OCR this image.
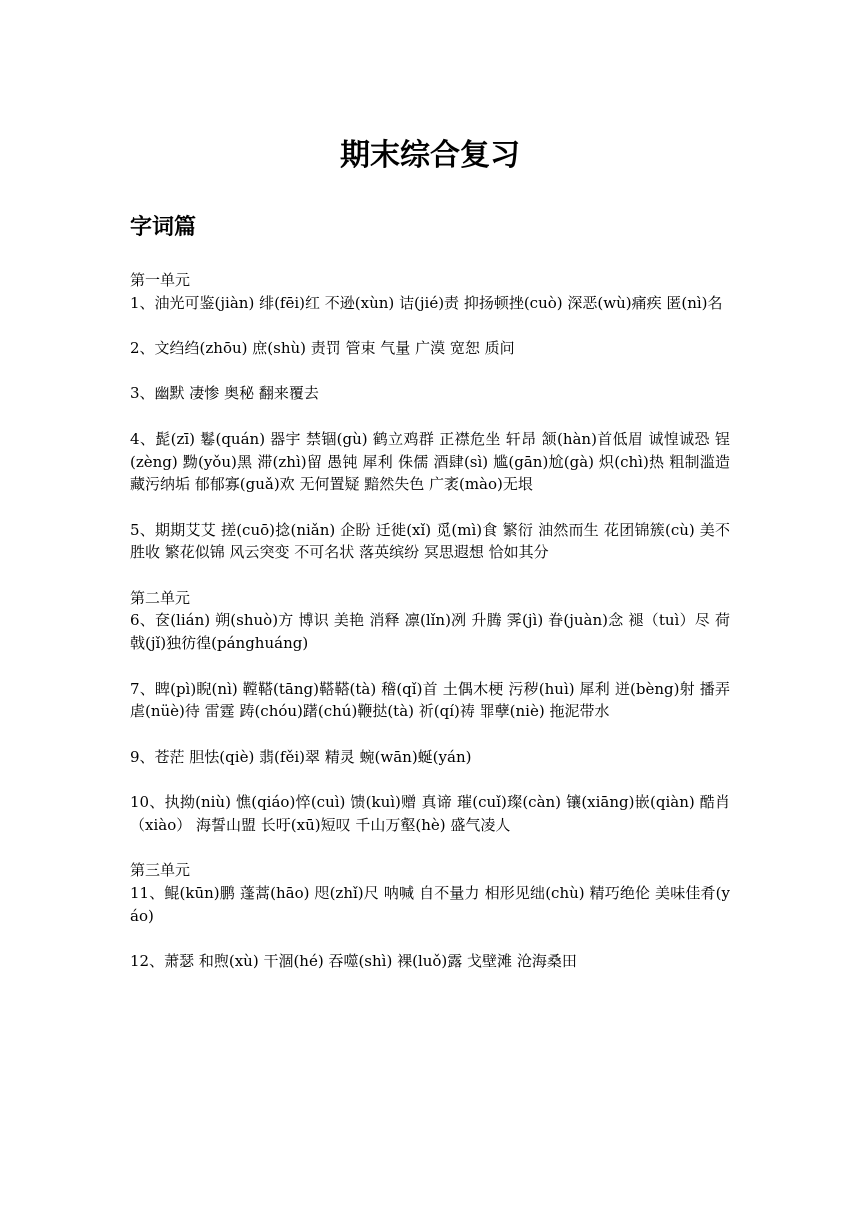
期末综合复习
字词篇
第一单元
1、油光可鉴(jiàn) 绯(fēi)红 不逊(xùn) 诘(jié)责 抑扬顿挫(cuò) 深恶(wù)痛疾 匿(nì)名
2、文绉绉(zhōu) 庶(shù) 责罚 管束 气量 广漠 宽恕 质问
3、幽默 凄惨 奥秘 翻来覆去
4、髭(zī) 鬈(quán) 器宇 禁锢(gù) 鹤立鸡群 正襟危坐 轩昂 颔(hàn)首低眉 诚惶诚恐 锃(zèng) 黝(yǒu)黑 滞(zhì)留 愚钝 犀利 侏儒 酒肆(sì) 尴(gān)尬(gà) 炽(chì)热 粗制滥造 藏污纳垢 郁郁寡(guǎ)欢 无何置疑 黯然失色 广袤(mào)无垠
5、期期艾艾 搓(cuō)捻(niǎn) 企盼 迁徙(xǐ) 觅(mì)食 繁衍 油然而生 花团锦簇(cù) 美不胜收 繁花似锦 风云突变 不可名状 落英缤纷 冥思遐想 恰如其分
第二单元
6、奁(lián) 朔(shuò)方 博识 美艳 消释 凛(lǐn)冽 升腾 霁(jì) 眷(juàn)念 褪（tuì）尽 荷戟(jǐ)独彷徨(pánghuáng)
7、睥(pì)睨(nì) 鞺鞳(tāng)鞳鞳(tà) 稽(qǐ)首 土偶木梗 污秽(huì) 犀利 迸(bèng)射 播弄 虐(nüè)待 雷霆 踌(chóu)躇(chú)鞭挞(tà) 祈(qí)祷 罪孽(niè) 拖泥带水
9、苍茫 胆怯(qiè) 翡(fěi)翠 精灵 蜿(wān)蜒(yán)
10、执拗(niù) 憔(qiáo)悴(cuì) 馈(kuì)赠 真谛 璀(cuǐ)璨(càn) 镶(xiāng)嵌(qiàn) 酷肖（xiào） 海誓山盟 长吁(xū)短叹 千山万壑(hè) 盛气凌人
第三单元
11、鲲(kūn)鹏 蓬蒿(hāo) 咫(zhǐ)尺 呐喊 自不量力 相形见绌(chù) 精巧绝伦 美味佳肴(yáo)
12、萧瑟 和煦(xù) 干涸(hé) 吞噬(shì) 裸(luǒ)露 戈壁滩 沧海桑田
